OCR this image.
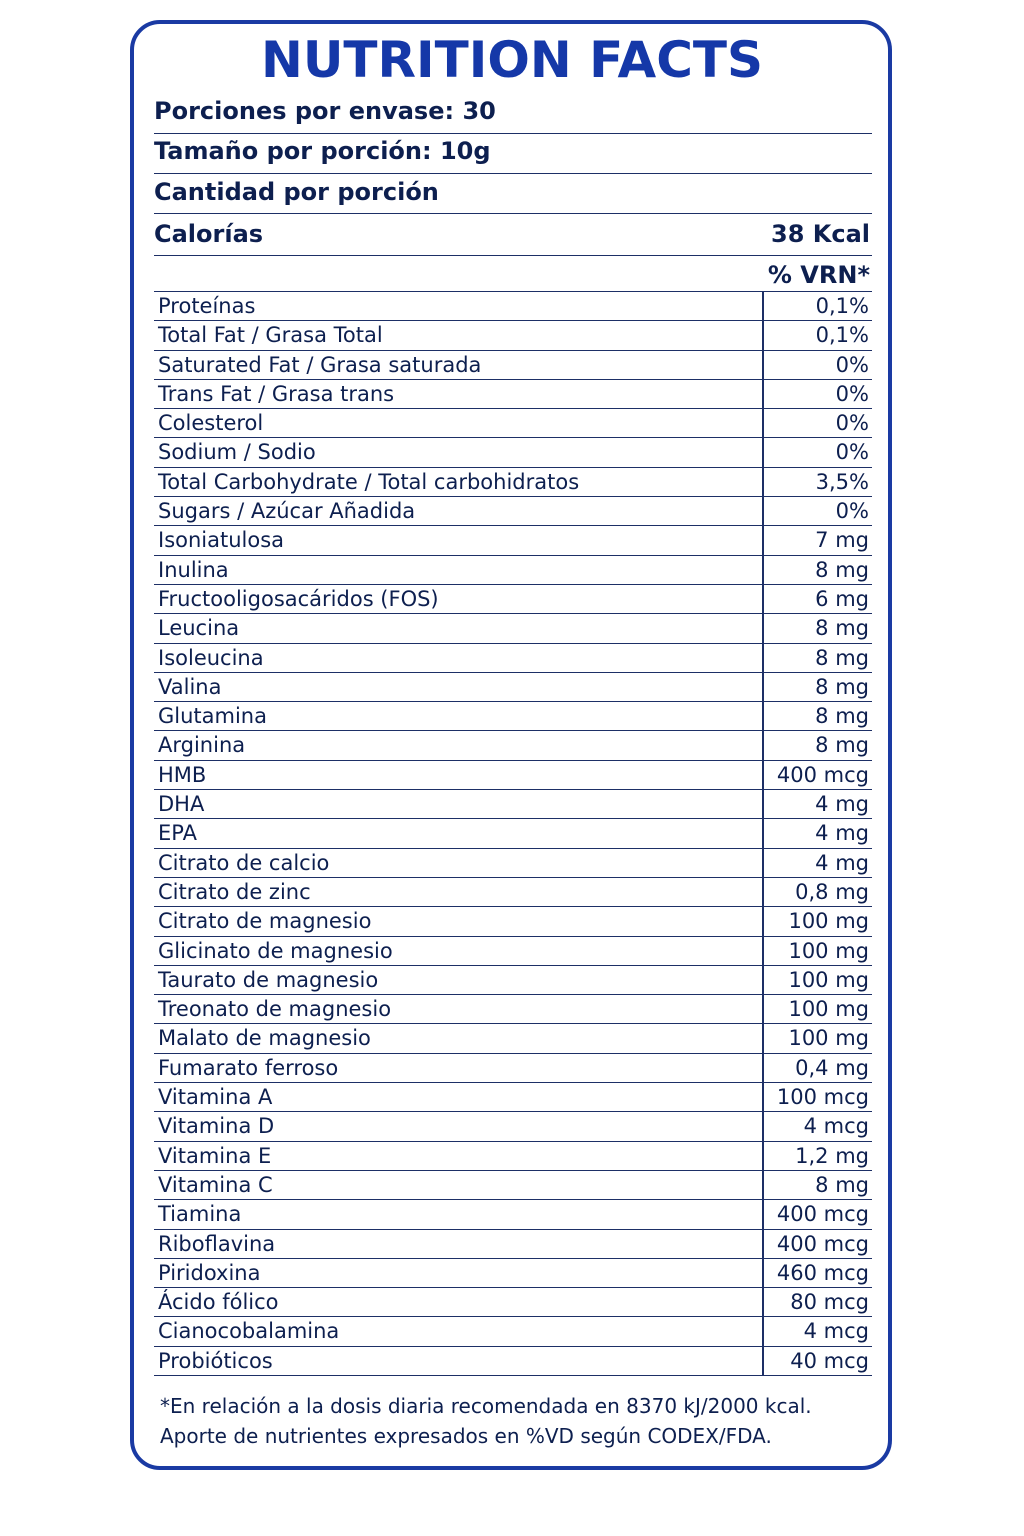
NUTRITION FACTS
Porciones por envase: 30
Tamaño por porción: 10g
Cantidad por porción
Calorías	38 Kcal
% VRN*
Proteínas	0,1%
Total Fat / Grasa Total	0,1%
Saturated Fat / Grasa saturada	0%
Trans Fat / Grasa trans	0%
Colesterol	0%
Sodium / Sodio	0%
Total Carbohydrate / Total carbohidratos	3,5%
Sugars / Azúcar Añadida	0%
Isoniatulosa	7 mg
Inulina	8 mg
Fructooligosacáridos (FOS)	6 mg
Leucina	8 mg
Isoleucina	8 mg
Valina	8 mg
Glutamina	8 mg
Arginina	8 mg
HMB	400 mcg
DHA	4 mg
EPA	4 mg
Citrato de calcio	4 mg
Citrato de zinc	0,8 mg
Citrato de magnesio	100 mg
Glicinato de magnesio	100 mg
Taurato de magnesio	100 mg
Treonato de magnesio	100 mg
Malato de magnesio	100 mg
Fumarato ferroso	0,4 mg
Vitamina A	100 mcg
Vitamina D	4 mcg
Vitamina E	1,2 mg
Vitamina C	8 mg
Tiamina	400 mcg
Riboflavina	400 mcg
Piridoxina	460 mcg
Ácido fólico	80 mcg
Cianocobalamina	4 mcg
Probióticos	40 mcg
*En relación a la dosis diaria recomendada en 8370 kJ/2000 kcal.
Aporte de nutrientes expresados en %VD según CODEX/FDA.
